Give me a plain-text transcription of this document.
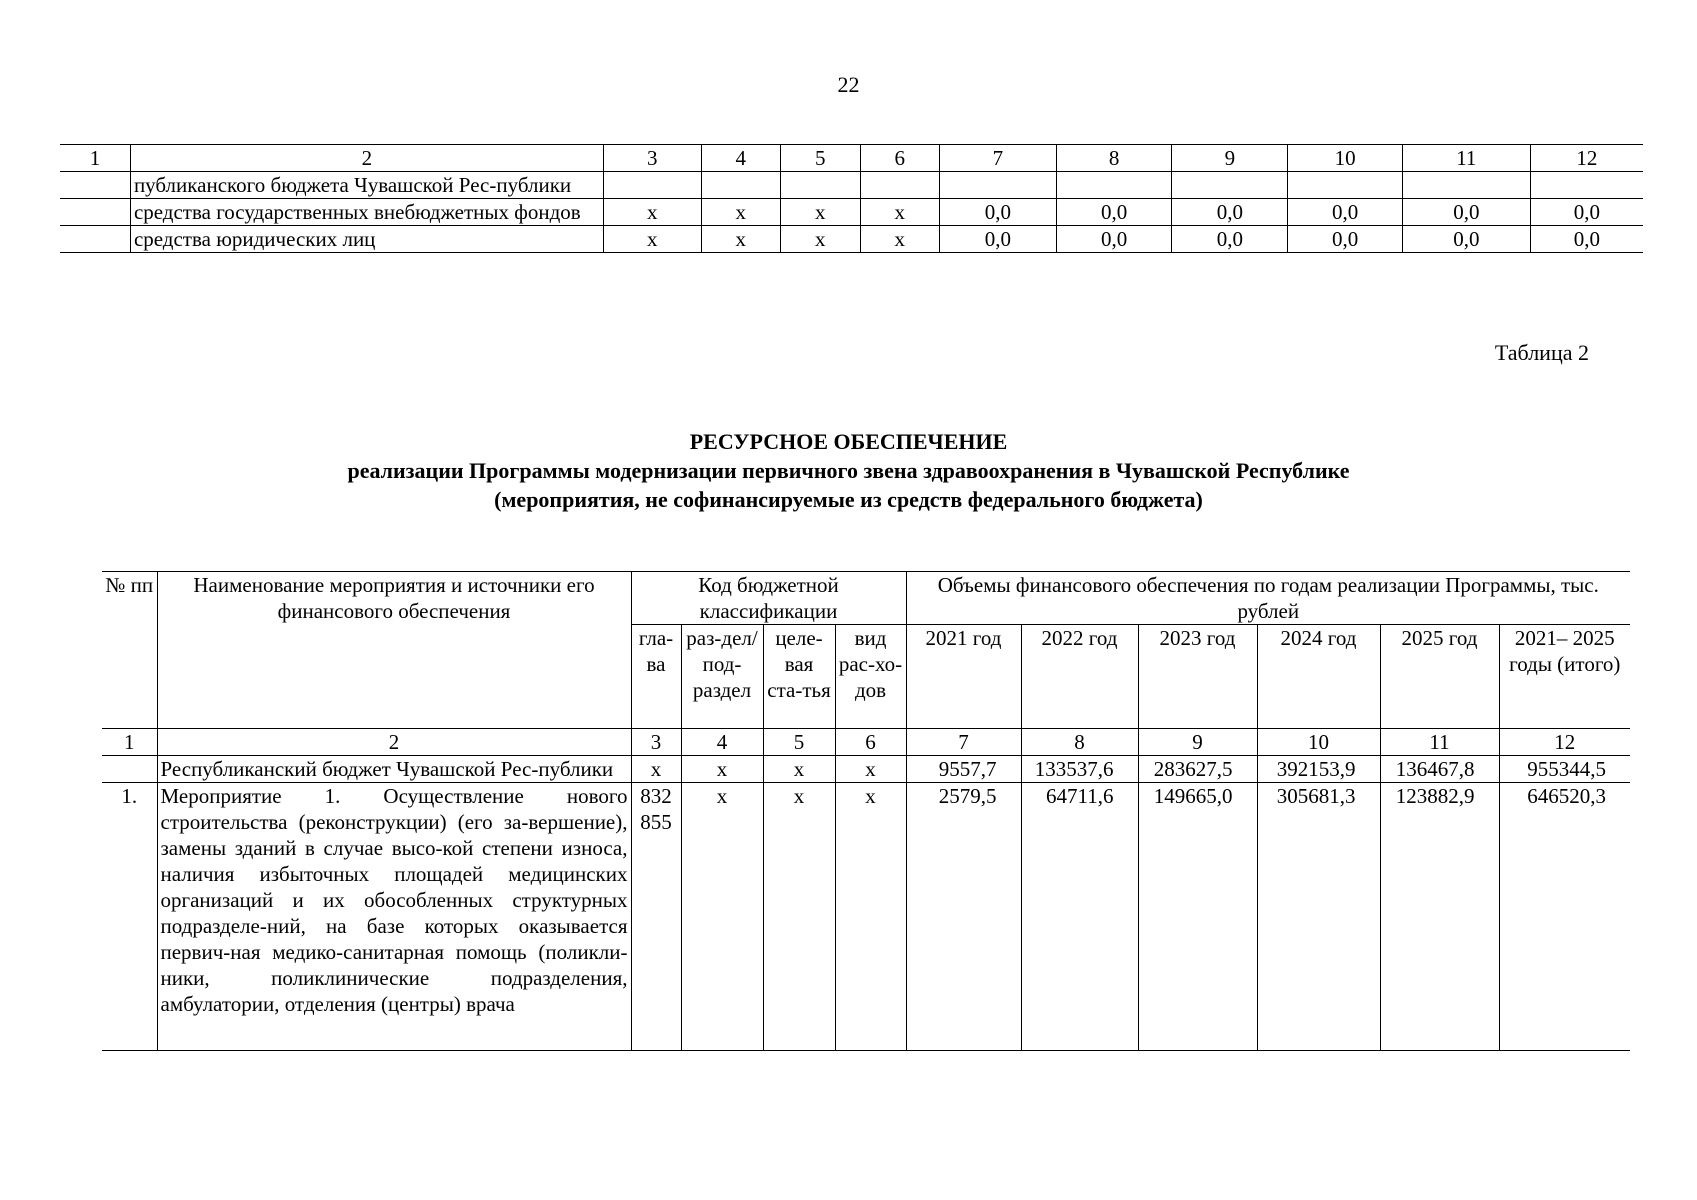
22
1	2	3	4	5	6	7	8	9	10	11	12
	публиканского бюджета Чувашской Рес-публики										
	средства государственных внебюджетных фондов	х	х	х	х	0,0	0,0	0,0	0,0	0,0	0,0
	средства юридических лиц	х	х	х	х	0,0	0,0	0,0	0,0	0,0	0,0
Таблица 2
РЕСУРСНОЕ ОБЕСПЕЧЕНИЕ
реализации Программы модернизации первичного звена здравоохранения в Чувашской Республике
(мероприятия, не софинансируемые из средств федерального бюджета)
№ пп	Наименование мероприятия и источники его финансового обеспечения	Код бюджетной классификации				Объемы финансового обеспечения по годам реализации Программы, тыс. рублей					
		гла-ва	раз-дел/ под-раздел	целе-вая ста-тья	вид рас-хо-дов	2021 год	2022 год	2023 год	2024 год	2025 год	2021– 2025 годы (итого)
1	2	3	4	5	6	7	8	9	10	11	12
	Республиканский бюджет Чувашской Рес-публики	х	х	х	х	9557,7	133537,6	283627,5	392153,9	136467,8	955344,5
1.	Мероприятие 1. Осуществление нового строительства (реконструкции) (его за-вершение), замены зданий в случае высо-кой степени износа, наличия избыточных площадей медицинских организаций и их обособленных структурных подразделе-ний, на базе которых оказывается первич-ная медико-санитарная помощь (поликли-ники, поликлинические подразделения, амбулатории, отделения (центры) врача	832 855	х	х	х	2579,5	64711,6	149665,0	305681,3	123882,9	646520,3
